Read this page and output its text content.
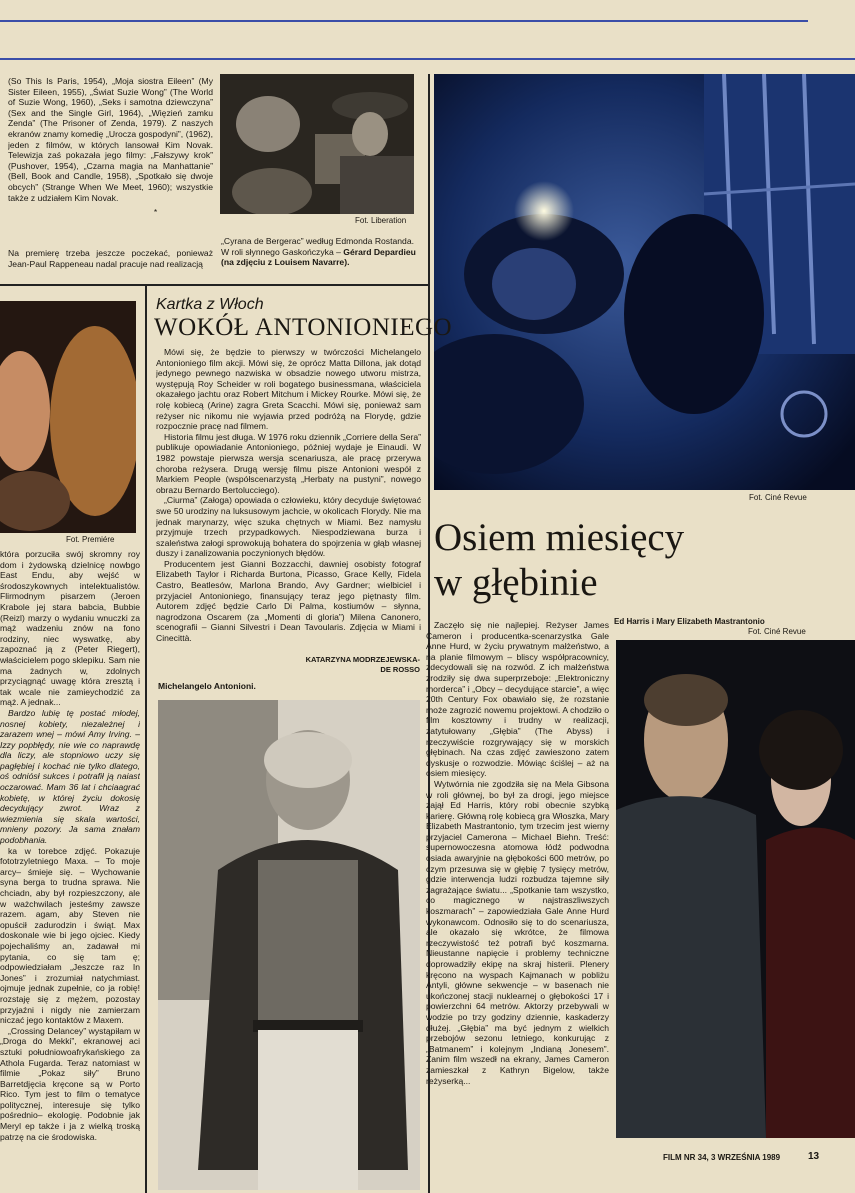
(So This Is Paris, 1954), „Moja siostra Eileen” (My Sister Eileen, 1955), „Świat Suzie Wong” (The World of Suzie Wong, 1960), „Seks i samotna dziewczyna” (Sex and the Single Girl, 1964), „Więzień zamku Zenda” (The Prisoner of Zenda, 1979). Z naszych ekranów znamy komedię „Urocza gospodyni”, (1962), jeden z filmów, w których lansował Kim Novak. Telewizja zaś pokazała jego filmy: „Fałszywy krok” (Pushover, 1954), „Czarna magia na Manhattanie” (Bell, Book and Candle, 1958), „Spotkało się dwoje obcych” (Strange When We Meet, 1960); wszystkie także z udziałem Kim Novak.

*
Na premierę trzeba jeszcze poczekać, ponieważ Jean-Paul Rappeneau nadal pracuje nad realizacją
Fot. Liberation
„Cyrana de Bergerac” według Edmonda Rostanda. W roli słynnego Gaskończyka – Gérard Depardieu (na zdjęciu z Louisem Navarre).
Fot. Ciné Revue
Fot. Premiére

która porzuciła swój skromny roy dom i żydowską dzielnicę nowbgo East Endu, aby wejść w środoszykownych intelektualistów. Flirmodnym pisarzem (Jeroen Krabole jej stara babcia, Bubbie (Reizl) marzy o wydaniu wnuczki za mąż wadzeniu znów na fono rodziny, niec wyswatkę, aby zapoznać ją z (Peter Riegert), właścicielem pogo sklepiku. Sam nie ma żadnych w, zdolnych przyciągnąć uwagę która zresztą i tak wcale nie zamieychodzić za mąż. A jednak...

Bardzo lubię tę postać młodej, nosnej kobiety, niezależnej i zarazem wnej – mówi Amy Irving. – Izzy popbłędy, nie wie co naprawdę dla liczy, ale stopniowo uczy się pagłębiej i kochać nie tylko dlatego, oś odniósł sukces i potrafił ją naiast oczarować. Mam 36 lat i chciaagrać kobietę, w której życiu dokosię decydujący zwrot. Wraz z wiezmienia się skala wartości, mnieny pozory. Ja sama znałam podobhania.

ka w torebce zdjęć. Pokazuje fototrzyletniego Maxa. – To moje arcy– śmieje się. – Wychowanie syna berga to trudna sprawa. Nie chciadn, aby był rozpieszczony, ale w ważchwilach jesteśmy zawsze razem. agam, aby Steven nie opuścił zadurodzin i świąt. Max doskonale wie bi jego ojciec. Kiedy pojechaliśmy an, zadawał mi pytania, co się tam ę; odpowiedziałam „Jeszcze raz In Jones” i zrozumiał natychmiast. ojmuje jednak zupełnie, co ja robię! rozstaję się z mężem, pozostay przyjaźni i nigdy nie zamierzam niczać jego kontaktów z Maxem.

„Crossing Delancey” wystąpiłam w „Droga do Mekki”, ekranowej aci sztuki południowoafrykańskiego za Athola Fugarda. Teraz natomiast w filmie „Pokaz siły” Bruno Barretdjęcia kręcone są w Porto Rico. Tym jest to film o tematyce politycznej, interesuje się tylko pośrednio– ekologię. Podobnie jak Meryl ep także i ja z wielką troską patrzę na cie środowiska.

Kartka z Włoch
WOKÓŁ ANTONIONIEGO

Mówi się, że będzie to pierwszy w twórczości Michelangelo Antonioniego film akcji. Mówi się, że oprócz Matta Dillona, jak dotąd jedynego pewnego nazwiska w obsadzie nowego utworu mistrza, występują Roy Scheider w roli bogatego businessmana, właściciela okazałego jachtu oraz Robert Mitchum i Mickey Rourke. Mówi się, że rolę kobiecą (Arine) zagra Greta Scacchi. Mówi się, ponieważ sam reżyser nic nikomu nie wyjawia przed podróżą na Florydę, gdzie rozpocznie pracę nad filmem.

Historia filmu jest długa. W 1976 roku dziennik „Corriere della Sera” publikuje opowiadanie Antonioniego, później wydaje je Einaudi. W 1982 powstaje pierwsza wersja scenariusza, ale pracę przerywa choroba reżysera. Drugą wersję filmu pisze Antonioni wespół z Markiem People (współscenarzystą „Herbaty na pustyni”, nowego obrazu Bernardo Bertolucciego).

„Ciurma” (Załoga) opowiada o człowieku, który decyduje świętować swe 50 urodziny na luksusowym jachcie, w okolicach Florydy. Nie ma jednak marynarzy, więc szuka chętnych w Miami. Bez namysłu przyjmuje trzech przypadkowych. Niespodziewana burza i szaleństwa załogi sprowokują bohatera do spojrzenia w głąb własnej duszy i zanalizowania poczynionych błędów.

Producentem jest Gianni Bozzacchi, dawniej osobisty fotograf Elizabeth Taylor i Richarda Burtona, Picasso, Grace Kelly, Fidela Castro, Beatlesów, Marlona Brando, Avy Gardner; wielbiciel i przyjaciel Antonioniego, finansujący teraz jego piętnasty film. Autorem zdjęć będzie Carlo Di Palma, kostiumów – słynna, nagrodzona Oscarem (za „Momenti di gloria”) Milena Canonero, scenografii – Gianni Silvestri i Dean Tavoularis. Zdjęcia w Miami i Cinecittà.

KATARZYNA MODRZEJEWSKA-DE ROSSO
Michelangelo Antonioni.
Osiem miesięcy
w głębinie
Ed Harris i Mary Elizabeth Mastrantonio
Fot. Ciné Revue

Zaczęło się nie najlepiej. Reżyser James Cameron i producentka-scenarzystka Gale Anne Hurd, w życiu prywatnym małżeństwo, a na planie filmowym – bliscy współpracownicy, zdecydowali się na rozwód. Z ich małżeństwa zrodziły się dwa superprzeboje: „Elektroniczny morderca” i „Obcy – decydujące starcie”, a więc 20th Century Fox obawiało się, że rozstanie może zagrozić nowemu projektowi. A chodziło o film kosztowny i trudny w realizacji, zatytułowany „Głębia” (The Abyss) i rzeczywiście rozgrywający się w morskich głębinach. Na czas zdjęć zawieszono zatem dyskusje o rozwodzie. Mówiąc ściślej – aż na osiem miesięcy.

Wytwórnia nie zgodziła się na Mela Gibsona w roli głównej, bo był za drogi, jego miejsce zajął Ed Harris, który robi obecnie szybką karierę. Główną rolę kobiecą gra Włoszka, Mary Elizabeth Mastrantonio, tym trzecim jest wierny przyjaciel Camerona – Michael Biehn. Treść: supernowoczesna atomowa łódź podwodna osiada awaryjnie na głębokości 600 metrów, po czym przesuwa się w głębię 7 tysięcy metrów, gdzie interwencja ludzi rozbudza tajemne siły zagrażające światu... „Spotkanie tam wszystko, co magicznego w najstraszliwszych koszmarach” – zapowiedziała Gale Anne Hurd wykonawcom. Odnosiło się to do scenariusza, ale okazało się wkrótce, że filmowa rzeczywistość też potrafi być koszmarna. Nieustanne napięcie i problemy techniczne doprowadziły ekipę na skraj histerii. Plenery kręcono na wyspach Kajmanach w pobliżu Antyli, główne sekwencje – w basenach nie ukończonej stacji nuklearnej o głębokości 17 i powierzchni 64 metrów. Aktorzy przebywali w wodzie po trzy godziny dziennie, kaskaderzy dłużej. „Głębia” ma być jednym z wielkich przebojów sezonu letniego, konkurując z „Batmanem” i kolejnym „Indianą Jonesem”. Zanim film wszedł na ekrany, James Cameron zamieszkał z Kathryn Bigelow, także reżyserką...

FILM NR 34, 3 WRZEŚNIA 1989	13
